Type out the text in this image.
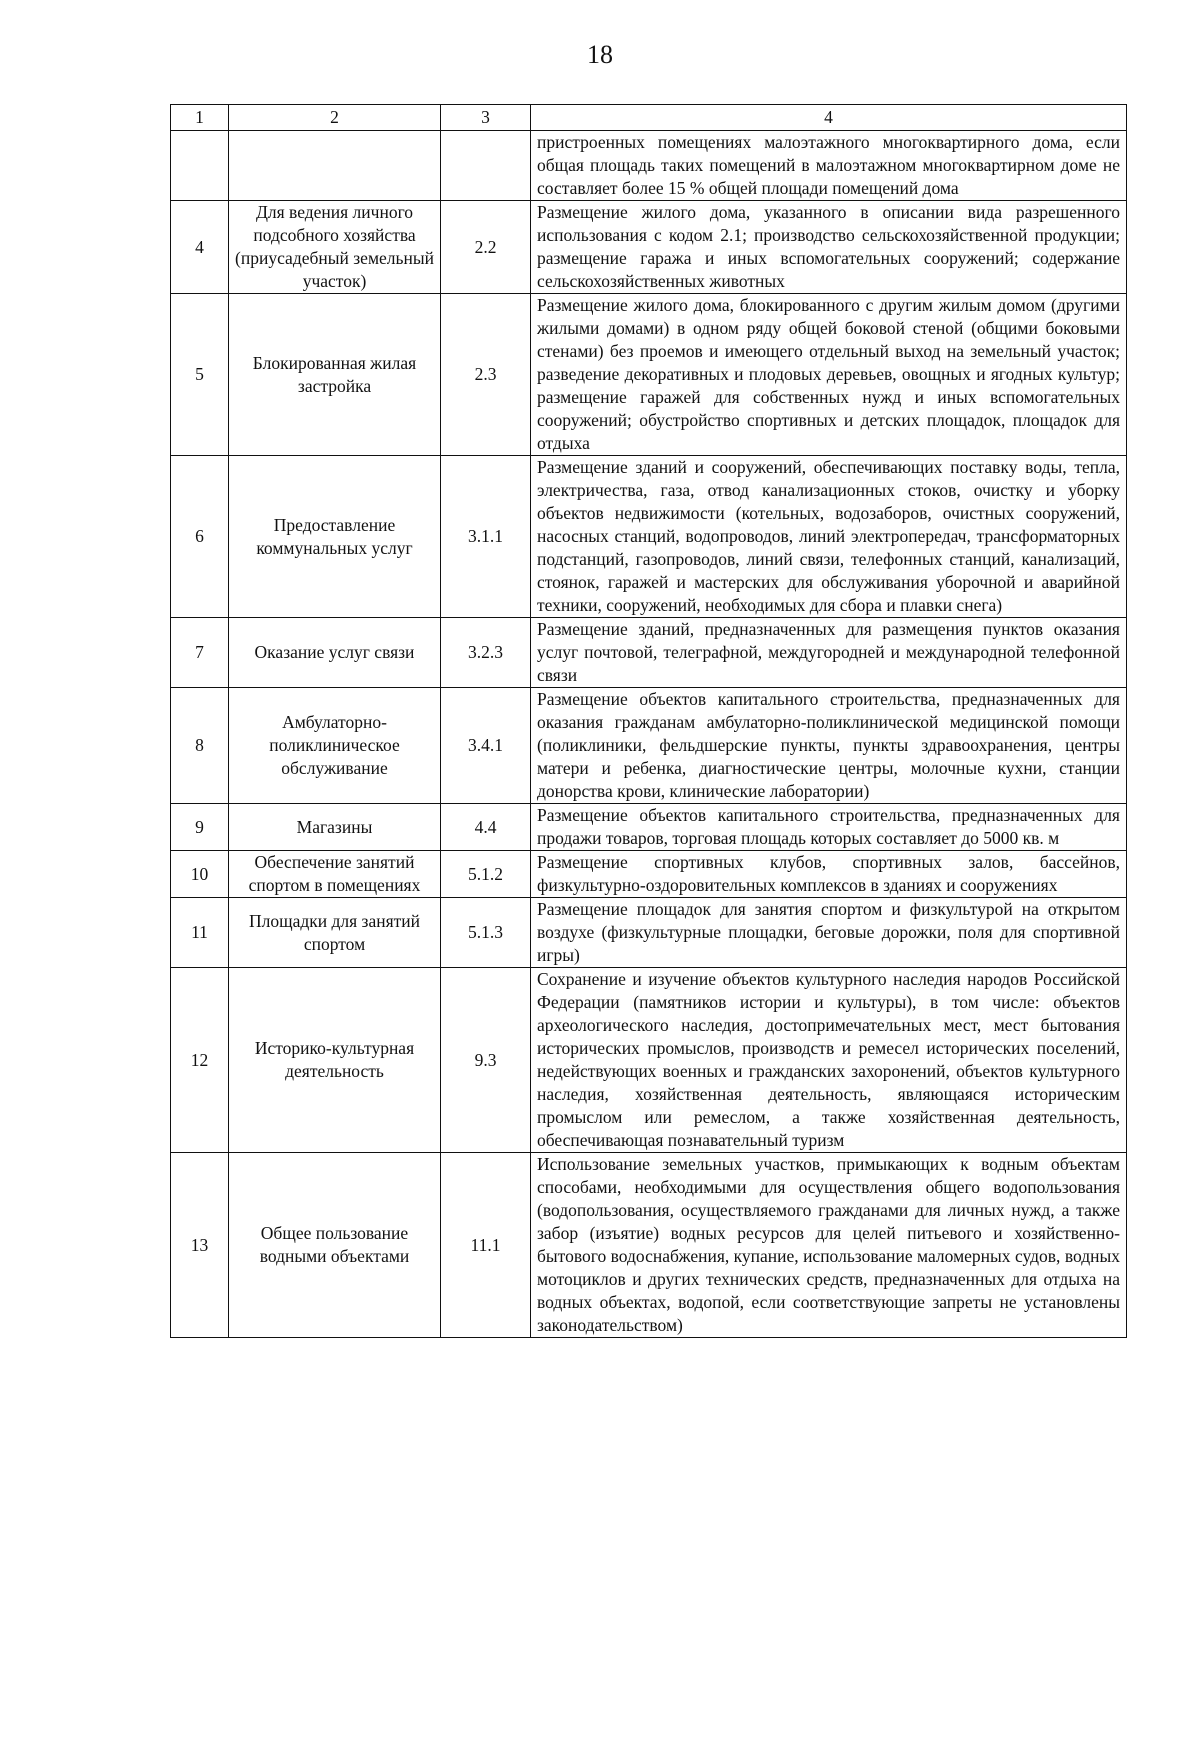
18
1	2	3	4
			пристроенных помещениях малоэтажного многоквартирного дома, если общая площадь таких помещений в малоэтажном многоквартирном доме не составляет более 15 % общей площади помещений дома
4	Для ведения личного подсобного хозяйства (приусадебный земельный участок)	2.2	Размещение жилого дома, указанного в описании вида разрешенного использования с кодом 2.1; производство сельскохозяйственной продукции; размещение гаража и иных вспомогательных сооружений; содержание сельскохозяйственных животных
5	Блокированная жилая застройка	2.3	Размещение жилого дома, блокированного с другим жилым домом (другими жилыми домами) в одном ряду общей боковой стеной (общими боковыми стенами) без проемов и имеющего отдельный выход на земельный участок; разведение декоративных и плодовых деревьев, овощных и ягодных культур; размещение гаражей для собственных нужд и иных вспомогательных сооружений; обустройство спортивных и детских площадок, площадок для отдыха
6	Предоставление коммунальных услуг	3.1.1	Размещение зданий и сооружений, обеспечивающих поставку воды, тепла, электричества, газа, отвод канализационных стоков, очистку и уборку объектов недвижимости (котельных, водозаборов, очистных сооружений, насосных станций, водопроводов, линий электропередач, трансформаторных подстанций, газопроводов, линий связи, телефонных станций, канализаций, стоянок, гаражей и мастерских для обслуживания уборочной и аварийной техники, сооружений, необходимых для сбора и плавки снега)
7	Оказание услуг связи	3.2.3	Размещение зданий, предназначенных для размещения пунктов оказания услуг почтовой, телеграфной, междугородней и международной телефонной связи
8	Амбулаторно-поликлиническое обслуживание	3.4.1	Размещение объектов капитального строительства, предназначенных для оказания гражданам амбулаторно-поликлинической медицинской помощи (поликлиники, фельдшерские пункты, пункты здравоохранения, центры матери и ребенка, диагностические центры, молочные кухни, станции донорства крови, клинические лаборатории)
9	Магазины	4.4	Размещение объектов капитального строительства, предназначенных для продажи товаров, торговая площадь которых составляет до 5000 кв. м
10	Обеспечение занятий спортом в помещениях	5.1.2	Размещение спортивных клубов, спортивных залов, бассейнов, физкультурно-оздоровительных комплексов в зданиях и сооружениях
11	Площадки для занятий спортом	5.1.3	Размещение площадок для занятия спортом и физкультурой на открытом воздухе (физкультурные площадки, беговые дорожки, поля для спортивной игры)
12	Историко-культурная деятельность	9.3	Сохранение и изучение объектов культурного наследия народов Российской Федерации (памятников истории и культуры), в том числе: объектов археологического наследия, достопримечательных мест, мест бытования исторических промыслов, производств и ремесел исторических поселений, недействующих военных и гражданских захоронений, объектов культурного наследия, хозяйственная деятельность, являющаяся историческим промыслом или ремеслом, а также хозяйственная деятельность, обеспечивающая познавательный туризм
13	Общее пользование водными объектами	11.1	Использование земельных участков, примыкающих к водным объектам способами, необходимыми для осуществления общего водопользования (водопользования, осуществляемого гражданами для личных нужд, а также забор (изъятие) водных ресурсов для целей питьевого и хозяйственно-бытового водоснабжения, купание, использование маломерных судов, водных мотоциклов и других технических средств, предназначенных для отдыха на водных объектах, водопой, если соответствующие запреты не установлены законодательством)
